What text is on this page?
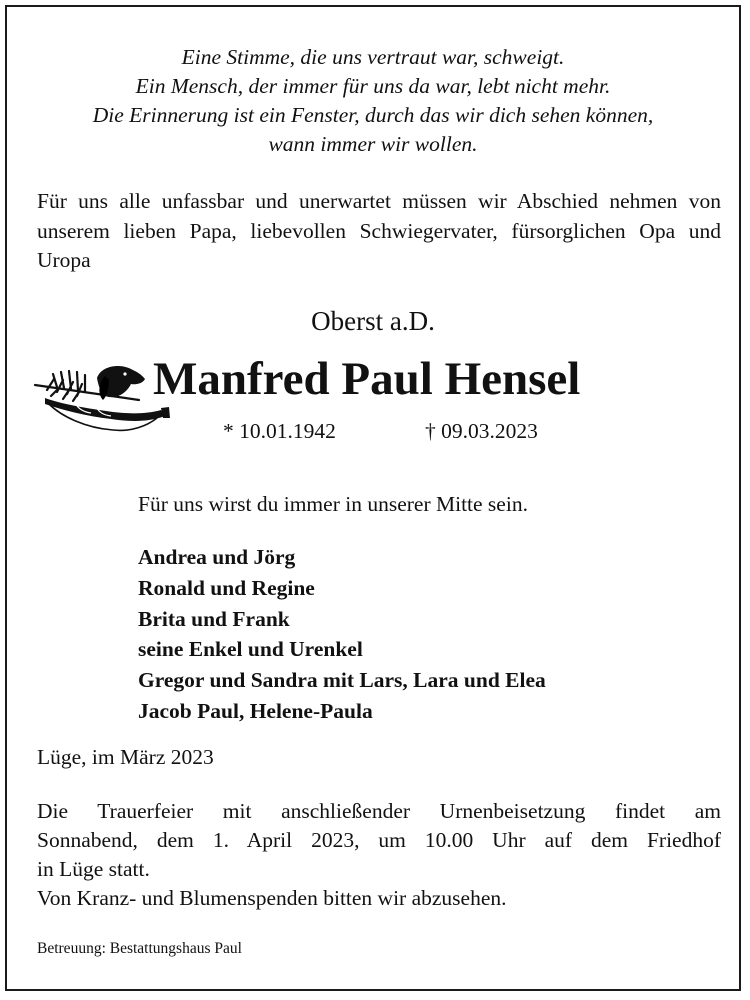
Eine Stimme, die uns vertraut war, schweigt.
Ein Mensch, der immer für uns da war, lebt nicht mehr.
Die Erinnerung ist ein Fenster, durch das wir dich sehen können,
wann immer wir wollen.
Für uns alle unfassbar und unerwartet müssen wir Abschied nehmen von unserem lieben Papa, liebevollen Schwiegervater, fürsorglichen Opa und Uropa
Oberst a.D.
Manfred Paul Hensel
* 10.01.1942	† 09.03.2023
Für uns wirst du immer in unserer Mitte sein.
Andrea und Jörg
Ronald und Regine
Brita und Frank
seine Enkel und Urenkel
Gregor und Sandra mit Lars, Lara und Elea
Jacob Paul, Helene-Paula
Lüge, im März 2023
Die Trauerfeier mit anschließender Urnenbeisetzung findet am
Sonnabend, dem 1. April 2023, um 10.00 Uhr auf dem Friedhof
in Lüge statt.
Von Kranz- und Blumenspenden bitten wir abzusehen.
Betreuung: Bestattungshaus Paul
